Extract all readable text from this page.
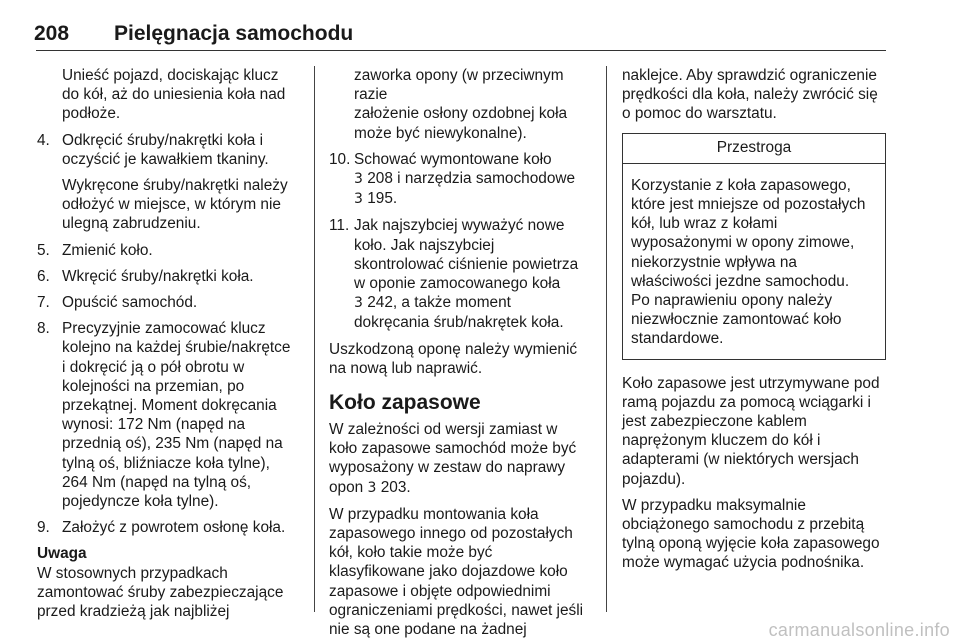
208 Pielęgnacja samochodu

Unieść pojazd, dociskając klucz
do kół, aż do uniesienia koła nad
podłoże.

4. Odkręcić śruby/nakrętki koła i
oczyścić je kawałkiem tkaniny.

Wykręcone śruby/nakrętki należy
odłożyć w miejsce, w którym nie
ulegną zabrudzeniu.

5. Zmienić koło.

6. Wkręcić śruby/nakrętki koła.

7. Opuścić samochód.

8. Precyzyjnie zamocować klucz
kolejno na każdej śrubie/nakrętce
i dokręcić ją o pół obrotu w
kolejności na przemian, po
przekątnej. Moment dokręcania
wynosi: 172 Nm (napęd na
przednią oś), 235 Nm (napęd na
tylną oś, bliźniacze koła tylne),
264 Nm (napęd na tylną oś,
pojedyncze koła tylne).

9. Założyć z powrotem osłonę koła.

Uwaga

W stosownych przypadkach
zamontować śruby zabezpieczające
przed kradzieżą jak najbliżej

zaworka opony (w przeciwnym razie
założenie osłony ozdobnej koła
może być niewykonalne).

10. Schować wymontowane koło
3 208 i narzędzia samochodowe
3 195.

11. Jak najszybciej wyważyć nowe
koło. Jak najszybciej
skontrolować ciśnienie powietrza
w oponie zamocowanego koła
3 242, a także moment
dokręcania śrub/nakrętek koła.

Uszkodzoną oponę należy wymienić
na nową lub naprawić.

Koło zapasowe

W zależności od wersji zamiast w
koło zapasowe samochód może być
wyposażony w zestaw do naprawy
opon 3 203.

W przypadku montowania koła
zapasowego innego od pozostałych
kół, koło takie może być
klasyfikowane jako dojazdowe koło
zapasowe i objęte odpowiednimi
ograniczeniami prędkości, nawet jeśli
nie są one podane na żadnej

naklejce. Aby sprawdzić ograniczenie
prędkości dla koła, należy zwrócić się
o pomoc do warsztatu.

Przestroga
Korzystanie z koła zapasowego,
które jest mniejsze od pozostałych
kół, lub wraz z kołami
wyposażonymi w opony zimowe,
niekorzystnie wpływa na
właściwości jezdne samochodu.
Po naprawieniu opony należy
niezwłocznie zamontować koło
standardowe.

Koło zapasowe jest utrzymywane pod
ramą pojazdu za pomocą wciągarki i
jest zabezpieczone kablem
naprężonym kluczem do kół i
adapterami (w niektórych wersjach
pojazdu).

W przypadku maksymalnie
obciążonego samochodu z przebitą
tylną oponą wyjęcie koła zapasowego
może wymagać użycia podnośnika.

carmanualsonline.info
